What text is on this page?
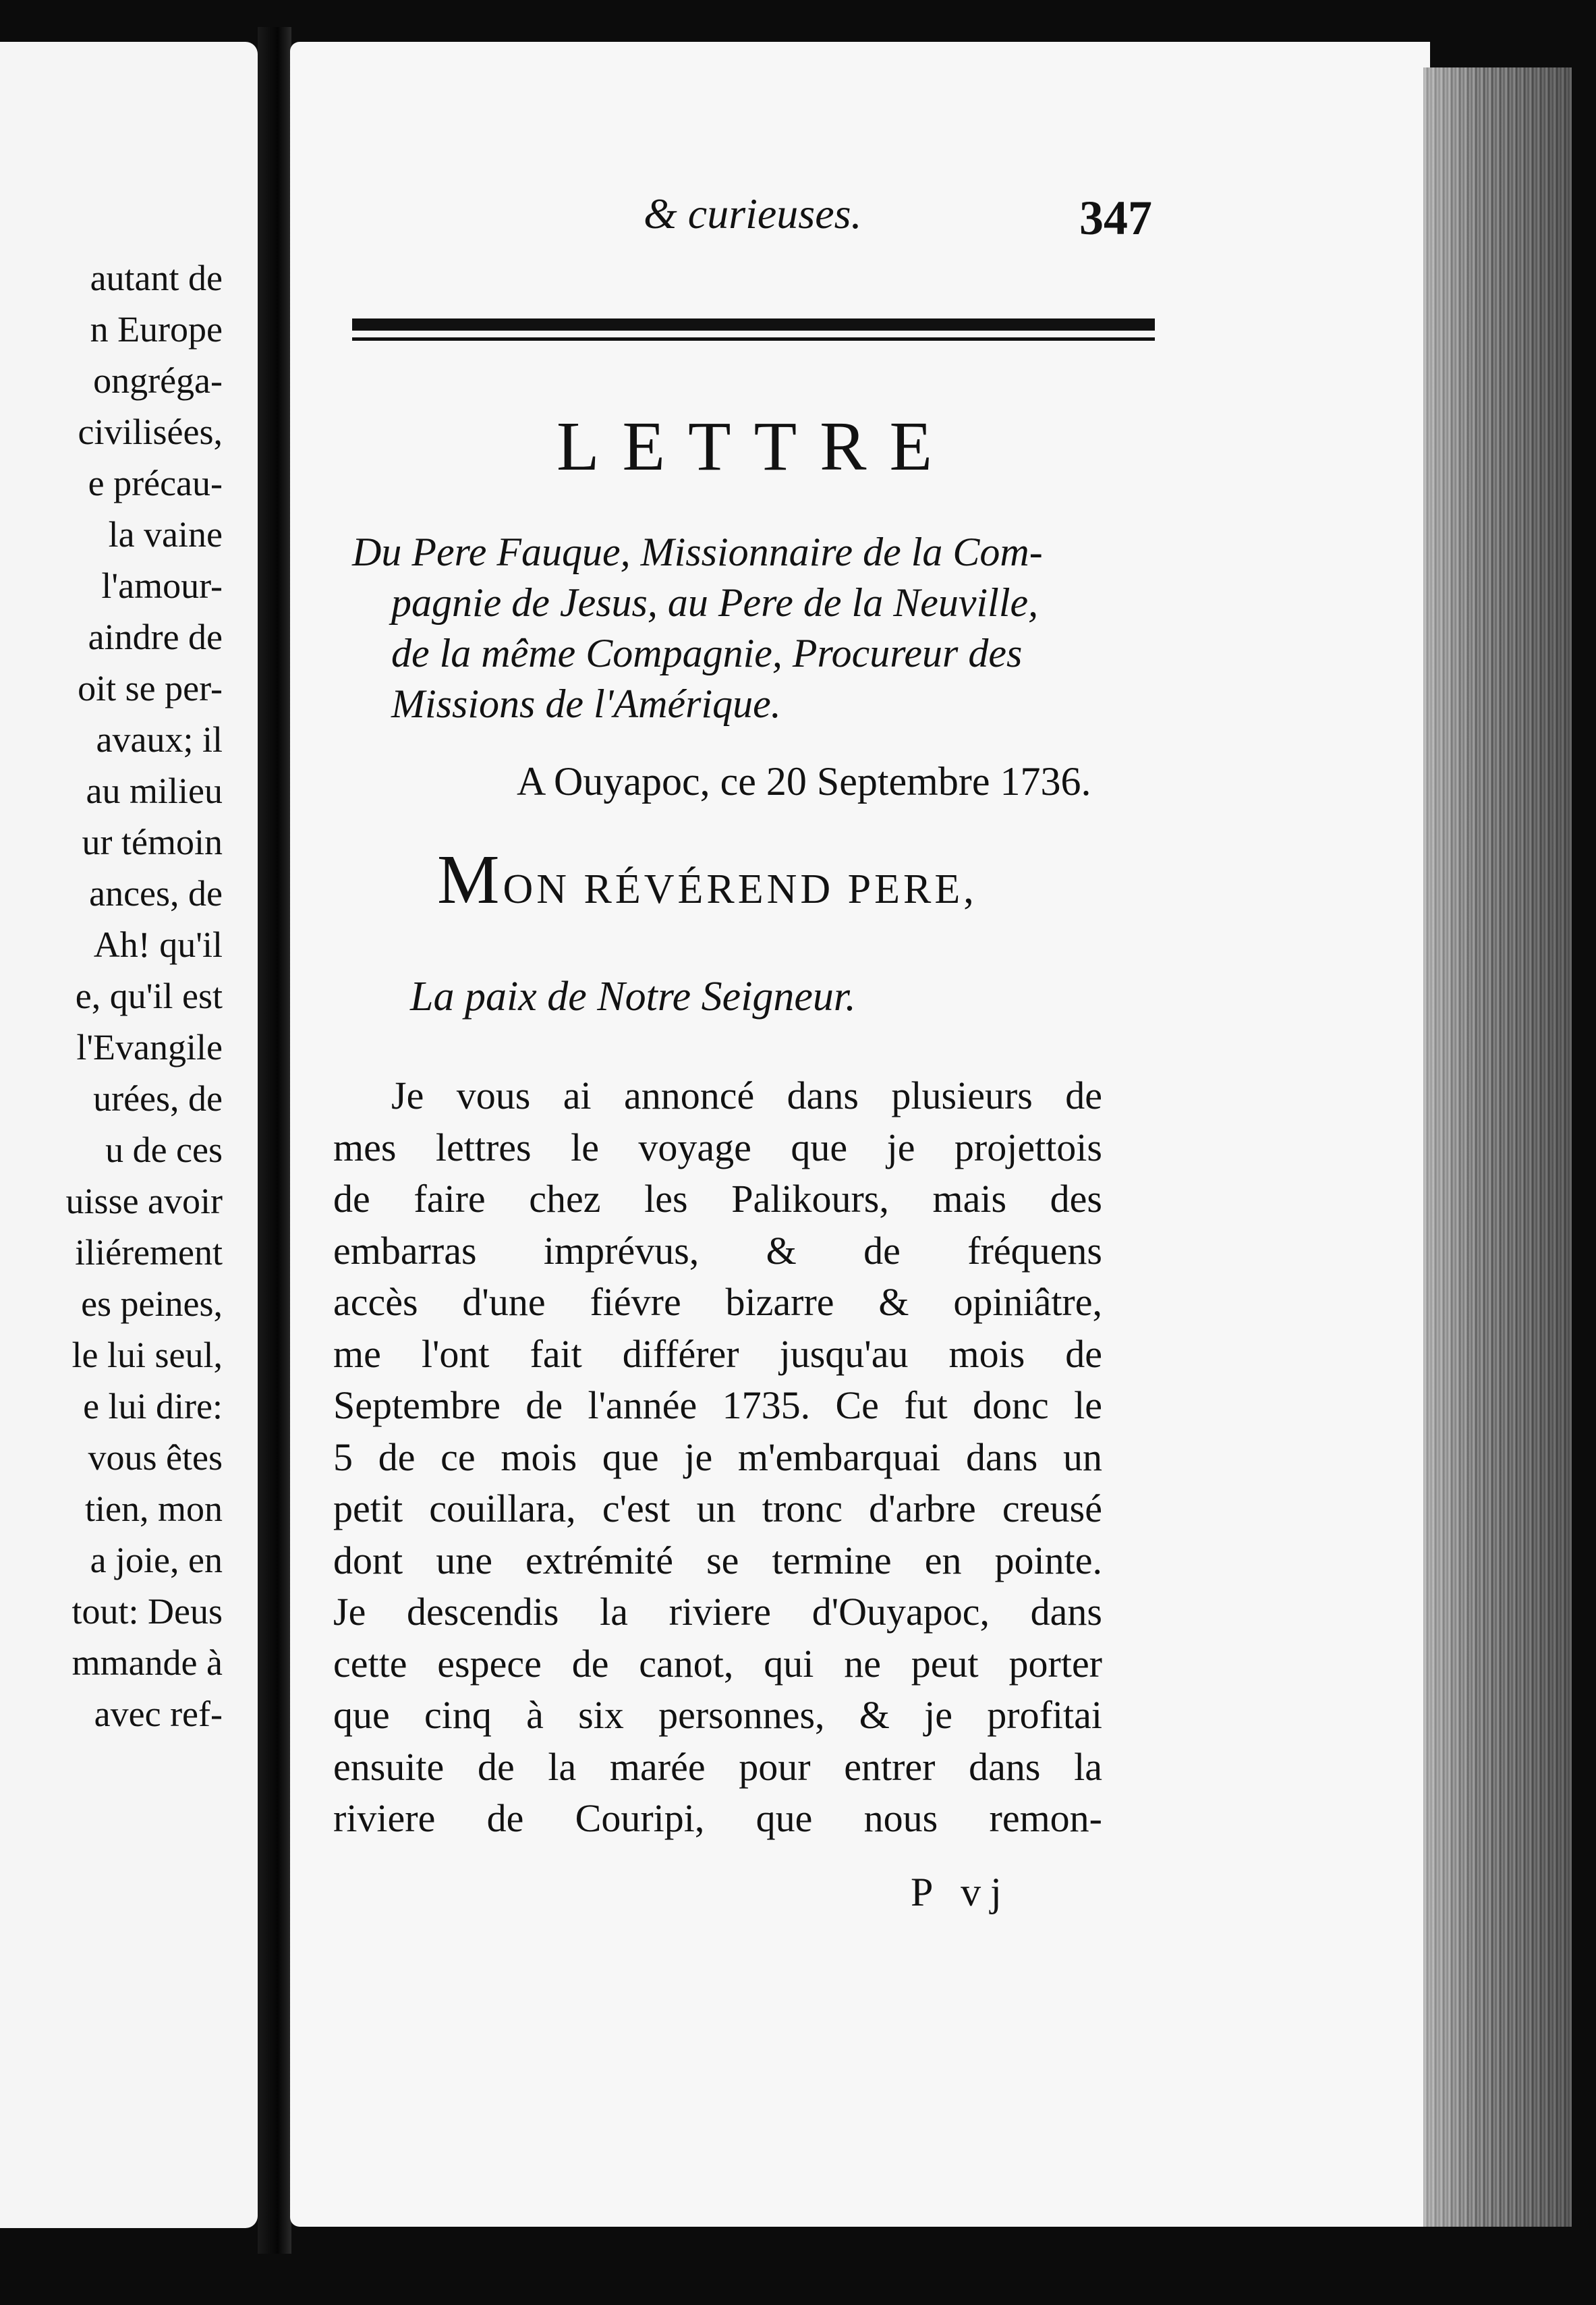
autant de
n Europe
ongréga-
civilisées,
e précau-
la vaine
l'amour-
aindre de
oit se per-
avaux; il
au milieu
ur témoin
ances, de
Ah! qu'il
e, qu'il est
l'Evangile
urées, de
u de ces
uisse avoir
iliérement
es peines,
le lui seul,
e lui dire:
vous êtes
tien, mon
a joie, en
tout: Deus
mmande à
avec ref-
& curieuses.	347
LETTRE
Du Pere Fauque, Missionnaire de la Com-
pagnie de Jesus, au Pere de la Neuville,
de la même Compagnie, Procureur des
Missions de l'Amérique.
A Ouyapoc, ce 20 Septembre 1736.
MON RÉVÉREND PERE,
La paix de Notre Seigneur.
Je vous ai annoncé dans plusieurs de
mes lettres le voyage que je projettois
de faire chez les Palikours, mais des
embarras imprévus, & de fréquens
accès d'une fiévre bizarre & opiniâtre,
me l'ont fait différer jusqu'au mois de
Septembre de l'année 1735. Ce fut donc le
5 de ce mois que je m'embarquai dans un
petit couillara, c'est un tronc d'arbre creusé
dont une extrémité se termine en pointe.
Je descendis la riviere d'Ouyapoc, dans
cette espece de canot, qui ne peut porter
que cinq à six personnes, & je profitai
ensuite de la marée pour entrer dans la
riviere de Couripi, que nous remon-
P vj
